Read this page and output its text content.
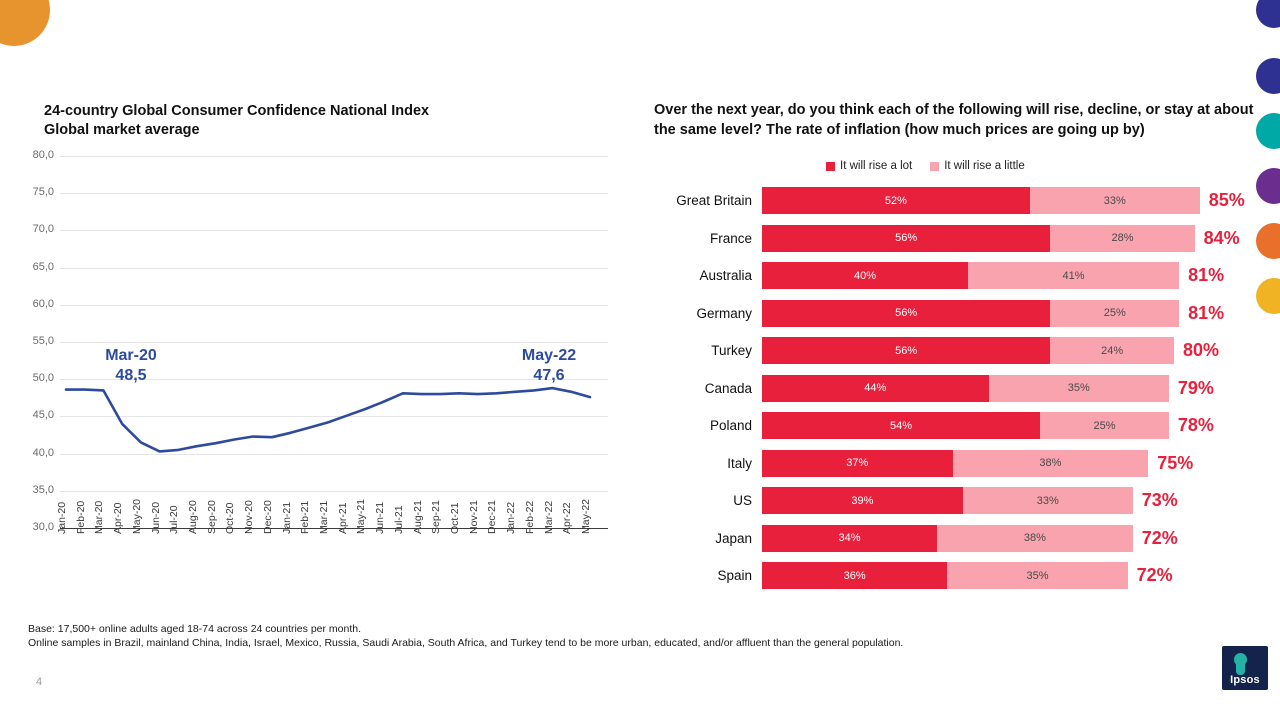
24-country Global Consumer Confidence National Index
Global market average
30,0
35,0
40,0
45,0
50,0
55,0
60,0
65,0
70,0
75,0
80,0
Mar-20
48,5
May-22
47,6
Jan-20 Feb-20 Mar-20 Apr-20 May-20 Jun-20 Jul-20 Aug-20 Sep-20 Oct-20 Nov-20 Dec-20 Jan-21 Feb-21 Mar-21 Apr-21 May-21 Jun-21 Jul-21 Aug-21 Sep-21 Oct-21 Nov-21 Dec-21 Jan-22 Feb-22 Mar-22 Apr-22 May-22
Over the next year, do you think each of the following will rise, decline, or stay at about the same level? The rate of inflation (how much prices are going up by)
It will rise a lot	It will rise a little
Great Britain	52%	33%	85%
France	56%	28%	84%
Australia	40%	41%	81%
Germany	56%	25%	81%
Turkey	56%	24%	80%
Canada	44%	35%	79%
Poland	54%	25%	78%
Italy	37%	38%	75%
US	39%	33%	73%
Japan	34%	38%	72%
Spain	36%	35%	72%
Base: 17,500+ online adults aged 18-74 across 24 countries per month.
Online samples in Brazil, mainland China, India, Israel, Mexico, Russia, Saudi Arabia, South Africa, and Turkey tend to be more urban, educated, and/or affluent than the general population.
4	Ipsos
